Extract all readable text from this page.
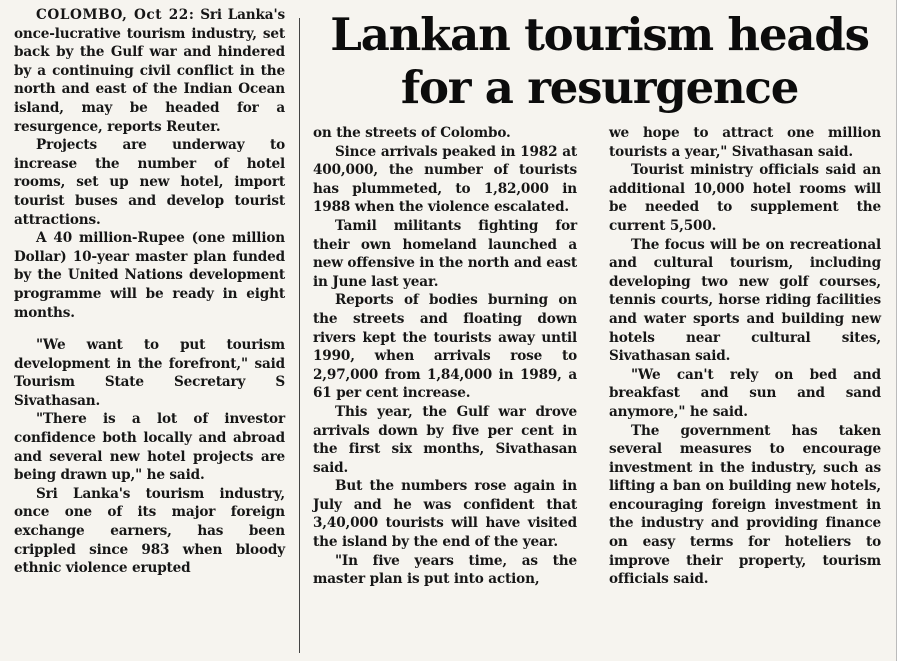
COLOMBO, Oct 22: Sri Lanka's once-lucrative tourism industry, set back by the Gulf war and hindered by a continuing civil conflict in the north and east of the Indian Ocean island, may be headed for a resurgence, reports Reuter.

Projects are underway to increase the number of hotel rooms, set up new hotel, import tourist buses and develop tourist attractions.

A 40 million-Rupee (one million Dollar) 10-year master plan funded by the United Nations development programme will be ready in eight months.

"We want to put tourism development in the forefront," said Tourism State Secretary S Sivathasan.

"There is a lot of investor confidence both locally and abroad and several new hotel projects are being drawn up," he said.

Sri Lanka's tourism industry, once one of its major foreign exchange earners, has been crippled since 983 when bloody ethnic violence erupted

Lankan tourism heads
for a resurgence

on the streets of Colombo.

Since arrivals peaked in 1982 at 400,000, the number of tourists has plummeted, to 1,82,000 in 1988 when the violence escalated.

Tamil militants fighting for their own homeland launched a new offensive in the north and east in June last year.

Reports of bodies burning on the streets and floating down rivers kept the tourists away until 1990, when arrivals rose to 2,97,000 from 1,84,000 in 1989, a 61 per cent increase.

This year, the Gulf war drove arrivals down by five per cent in the first six months, Sivathasan said.

But the numbers rose again in July and he was confident that 3,40,000 tourists will have visited the island by the end of the year.

"In five years time, as the master plan is put into action,

we hope to attract one million tourists a year," Sivathasan said.

Tourist ministry officials said an additional 10,000 hotel rooms will be needed to supplement the current 5,500.

The focus will be on recreational and cultural tourism, including developing two new golf courses, tennis courts, horse riding facilities and water sports and building new hotels near cultural sites, Sivathasan said.

"We can't rely on bed and breakfast and sun and sand anymore," he said.

The government has taken several measures to encourage investment in the industry, such as lifting a ban on building new hotels, encouraging foreign investment in the industry and providing finance on easy terms for hoteliers to improve their property, tourism officials said.
